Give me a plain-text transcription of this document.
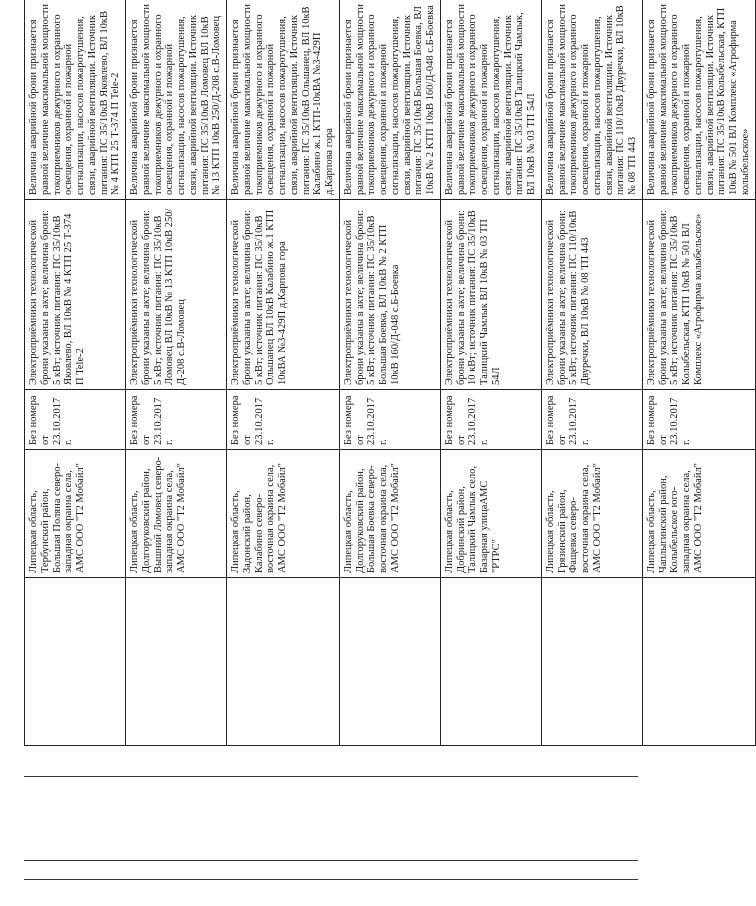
	Липецкая область, Тербунский район, Большая Поляна северо-западная окраина села, АМС ООО "Т2 Мобайл"	Без номера от 23.10.2017г.	Электроприёмники технологической брони указаны в акте; величина брони: 5 кВт; источник питания: ПС 35/10кВ Яковлево, ВЛ 10кВ № 4 КТП 25 Т-374 П Tele-2	Величина аварийной брони признается равной величине максимальной мощности токоприемников дежурного и охранного освещения, охранной и пожарной сигнализации, насосов пожаротушения, связи, аварийной вентиляции. Источник питания: ПС 35/10кВ Яковлево, ВЛ 10кВ № 4 КТП 25 Т-374 П Tele-2
	Липецкая область, Долгоруковский район, Вышний Ломовец северо-западная окраина села, АМС ООО "Т2 Мобайл"	Без номера от 23.10.2017г.	Электроприёмники технологической брони указаны в акте; величина брони: 5 кВт; источник питания: ПС 35/10кВ Ломовец ВЛ 10кВ № 13 КТП 10кВ 250/Д-208 с.В-Ломовец	Величина аварийной брони признается равной величине максимальной мощности токоприемников дежурного и охранного освещения, охранной и пожарной сигнализации, насосов пожаротушения, связи, аварийной вентиляции. Источник питания: ПС 35/10кВ Ломовец ВЛ 10кВ № 13 КТП 10кВ 250/Д-208 с.В-Ломовец
	Липецкая область, Задонский район, Калабино северо-восточная окраина села, АМС ООО "Т2 Мобайл"	Без номера от 23.10.2017г.	Электроприёмники технологической брони указаны в акте; величина брони: 5 кВт; источник питания: ПС 35/10кВ Ольшанец ВЛ 10кВ Калабино ж.1 КТП 10кВА №3-429П д.Карпова гора	Величина аварийной брони признается равной величине максимальной мощности токоприемников дежурного и охранного освещения, охранной и пожарной сигнализации, насосов пожаротушения, связи, аварийной вентиляции. Источник питания: ПС 35/10кВ Ольшанец, ВЛ 10кВ Калабино ж.1 КТП-10кВА №3-429П д.Карпова гора
	Липецкая область, Долгоруковский район, Большая Боевка северо-восточная окраина села, АМС ООО "Т2 Мобайл"	Без номера от 23.10.2017г.	Электроприёмники технологической брони указаны в акте; величина брони: 5 кВт; источник питания: ПС 35/10кВ Большая Боевка, ВЛ 10кВ № 2 КТП 10кВ 160/Д-048 с.Б-Боевка	Величина аварийной брони признается равной величине максимальной мощности токоприемников дежурного и охранного освещения, охранной и пожарной сигнализации, насосов пожаротушения, связи, аварийной вентиляции. Источник питания: ПС 35/10кВ Большая Боевка, ВЛ 10кВ № 2 КТП 10кВ 160/Д-048 с.Б-Боевка
	Липецкая область, Добринский район, Талицкий Чамлык село, Базарная улицаАМС "РТРС"	Без номера от 23.10.2017г.	Электроприёмники технологической брони указаны в акте; величина брони: 10 кВт; источник питания: ПС 35/10кВ Талицкий Чамлык ВЛ 10кВ № 03 ТП 54Л	Величина аварийной брони признается равной величине максимальной мощности токоприемников дежурного и охранного освещения, охранной и пожарной сигнализации, насосов пожаротушения, связи, аварийной вентиляции. Источник питания: ПС 35/10кВ Талицкий Чамлык, ВЛ 10кВ № 03 ТП 54Л
	Липецкая область, Грязинский район, Фащевка северо-восточная окраина села, АМС ООО "Т2 Мобайл"	Без номера от 23.10.2017г.	Электроприёмники технологической брони указаны в акте; величина брони: 5 кВт; источник питания: ПС 110/10кВ Двуречки, ВЛ 10кВ № 08 ТП 443	Величина аварийной брони признается равной величине максимальной мощности токоприемников дежурного и охранного освещения, охранной и пожарной сигнализации, насосов пожаротушения, связи, аварийной вентиляции. Источник питания: ПС 110/10кВ Двуречки, ВЛ 10кВ № 08 ТП 443
	Липецкая область, Чаплыгинский район, Колыбельское юго-западная окраина села, АМС ООО "Т2 Мобайл"	Без номера от 23.10.2017г.	Электроприёмники технологической брони указаны в акте; величина брони: 5 кВт; источник питания: ПС 35/10кВ Колыбельская, КТП 10кВ № 501 ВЛ Комплекс «Агрофирма колыбельское»	Величина аварийной брони признается равной величине максимальной мощности токоприемников дежурного и охранного освещения, охранной и пожарной сигнализации, насосов пожаротушения, связи, аварийной вентиляции. Источник питания: ПС 35/10кВ Колыбельская, КТП 10кВ № 501 ВЛ Комплекс «Агрофирма колыбельское»
